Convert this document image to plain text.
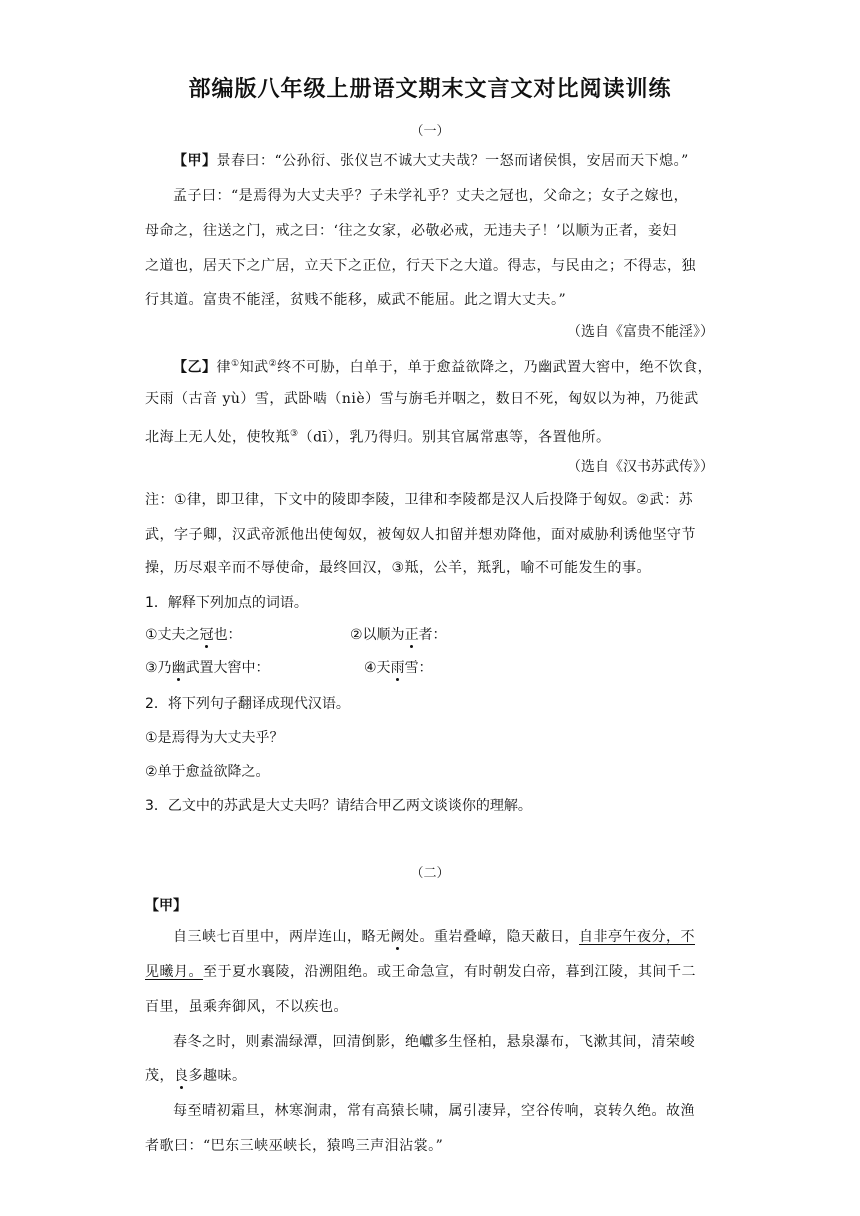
部编版八年级上册语文期末文言文对比阅读训练
（一）
【甲】景春曰：“公孙衍、张仪岂不诚大丈夫哉？一怒而诸侯惧，安居而天下熄。”
孟子曰：“是焉得为大丈夫乎？子未学礼乎？丈夫之冠也，父命之；女子之嫁也，
母命之，往送之门，戒之曰：‘往之女家，必敬必戒，无违夫子！’以顺为正者，妾妇
之道也，居天下之广居，立天下之正位，行天下之大道。得志，与民由之；不得志，独
行其道。富贵不能淫，贫贱不能移，威武不能屈。此之谓大丈夫。”
（选自《富贵不能淫》）
【乙】律①知武②终不可胁，白单于，单于愈益欲降之，乃幽武置大窖中，绝不饮食，
天雨（古音 yù）雪，武卧啮（niè）雪与旃毛并咽之，数日不死，匈奴以为神，乃徙武
北海上无人处，使牧羝③（dī），乳乃得归。别其官属常惠等，各置他所。
（选自《汉书苏武传》）
注：①律，即卫律，下文中的陵即李陵，卫律和李陵都是汉人后投降于匈奴。②武：苏
武，字子卿，汉武帝派他出使匈奴，被匈奴人扣留并想劝降他，面对威胁利诱他坚守节
操，历尽艰辛而不辱使命，最终回汉，③羝，公羊，羝乳，喻不可能发生的事。
1．解释下列加点的词语。
①丈夫之冠也：	②以顺为正者：
③乃幽武置大窖中：	④天雨雪：
2．将下列句子翻译成现代汉语。
①是焉得为大丈夫乎？
②单于愈益欲降之。
3．乙文中的苏武是大丈夫吗？请结合甲乙两文谈谈你的理解。
（二）
【甲】
自三峡七百里中，两岸连山，略无阙处。重岩叠嶂，隐天蔽日，自非亭午夜分，不
见曦月。至于夏水襄陵，沿溯阻绝。或王命急宣，有时朝发白帝，暮到江陵，其间千二
百里，虽乘奔御风，不以疾也。
春冬之时，则素湍绿潭，回清倒影，绝巘多生怪柏，悬泉瀑布，飞漱其间，清荣峻
茂，良多趣味。
每至晴初霜旦，林寒涧肃，常有高猿长啸，属引凄异，空谷传响，哀转久绝。故渔
者歌曰：“巴东三峡巫峡长，猿鸣三声泪沾裳。”
